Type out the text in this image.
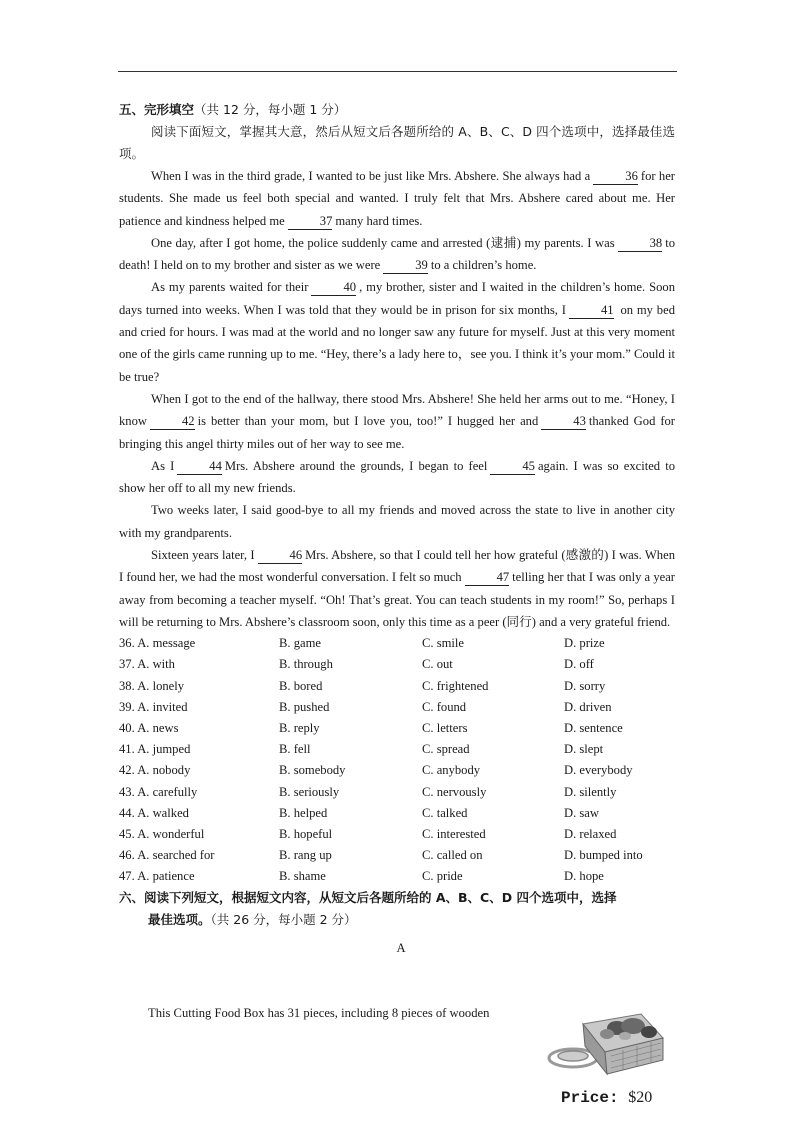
五、完形填空（共 12 分，每小题 1 分）

阅读下面短文，掌握其大意，然后从短文后各题所给的 A、B、C、D 四个选项中，选择最佳选项。

When I was in the third grade, I wanted to be just like Mrs. Abshere. She always had a	36 for her students. She made us feel both special and wanted. I truly felt that Mrs. Abshere cared about me. Her patience and kindness helped me	37 many hard times.

One day, after I got home, the police suddenly came and arrested (逮捕) my parents. I was	38 to death! I held on to my brother and sister as we were	39 to a children’s home.

As my parents waited for their	40 , my brother, sister and I waited in the children’s home. Soon days turned into weeks. When I was told that they would be in prison for six months, I	41 on my bed and cried for hours. I was mad at the world and no longer saw any future for myself. Just at this very moment one of the girls came running up to me. “Hey, there’s a lady here to，see you. I think it’s your mom.” Could it be true?

When I got to the end of the hallway, there stood Mrs. Abshere! She held her arms out to me. “Honey, I know	42 is better than your mom, but I love you, too!” I hugged her and	43 thanked God for bringing this angel thirty miles out of her way to see me.

As I	44 Mrs. Abshere around the grounds, I began to feel	45 again. I was so excited to show her off to all my new friends.

Two weeks later, I said good-bye to all my friends and moved across the state to live in another city with my grandparents.

Sixteen years later, I	46 Mrs. Abshere, so that I could tell her how grateful (感激的) I was. When I found her, we had the most wonderful conversation. I felt so much	47 telling her that I was only a year away from becoming a teacher myself. “Oh! That’s great. You can teach students in my room!” So, perhaps I will be returning to Mrs. Abshere’s classroom soon, only this time as a peer (同行) and a very grateful friend.

36. A. message	B. game	C. smile	D. prize
37. A. with	B. through	C. out	D. off
38. A. lonely	B. bored	C. frightened	D. sorry
39. A. invited	B. pushed	C. found	D. driven
40. A. news	B. reply	C. letters	D. sentence
41. A. jumped	B. fell	C. spread	D. slept
42. A. nobody	B. somebody	C. anybody	D. everybody
43. A. carefully	B. seriously	C. nervously	D. silently
44. A. walked	B. helped	C. talked	D. saw
45. A. wonderful	B. hopeful	C. interested	D. relaxed
46. A. searched for	B. rang up	C. called on	D. bumped into
47. A. patience	B. shame	C. pride	D. hope

六、阅读下列短文，根据短文内容，从短文后各题所给的 A、B、C、D 四个选项中，选择

最佳选项。（共 26 分，每小题 2 分）

A
This Cutting Food Box has 31 pieces, including 8 pieces of wooden
Price: $20
